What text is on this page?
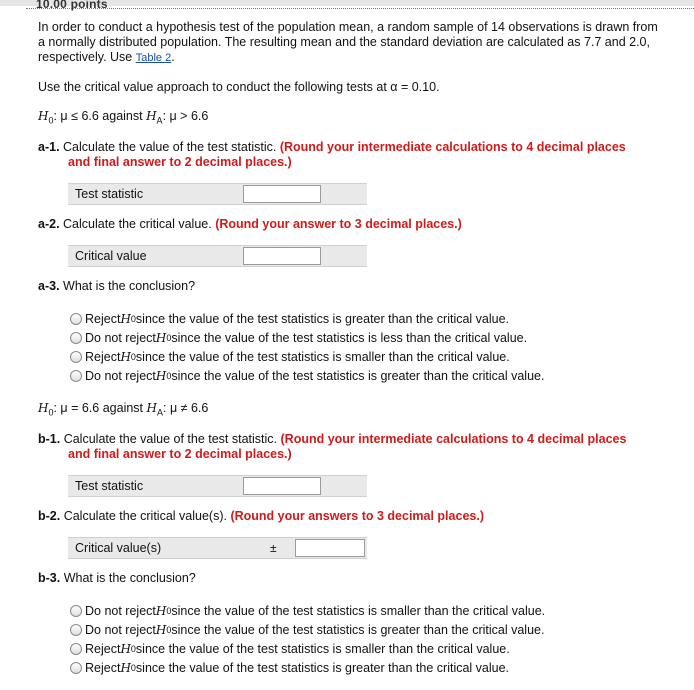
10.00 points

In order to conduct a hypothesis test of the population mean, a random sample of 14 observations is drawn from a normally distributed population. The resulting mean and the standard deviation are calculated as 7.7 and 2.0, respectively. Use Table 2.

Use the critical value approach to conduct the following tests at α = 0.10.

$H_0$: μ ≤ 6.6 against $H_A$: μ > 6.6

a-1. Calculate the value of the test statistic. (Round your intermediate calculations to 4 decimal places
and final answer to 2 decimal places.)

Test statistic

a-2. Calculate the critical value. (Round your answer to 3 decimal places.)

Critical value

a-3. What is the conclusion?

Reject H 0 since the value of the test statistics is greater than the critical value.
Do not reject H 0 since the value of the test statistics is less than the critical value.
Reject H 0 since the value of the test statistics is smaller than the critical value.
Do not reject H 0 since the value of the test statistics is greater than the critical value.

$H_0$: μ = 6.6 against $H_A$: μ ≠ 6.6

b-1. Calculate the value of the test statistic. (Round your intermediate calculations to 4 decimal places
and final answer to 2 decimal places.)

Test statistic

b-2. Calculate the critical value(s). (Round your answers to 3 decimal places.)

Critical value(s)	±

b-3. What is the conclusion?

Do not reject H 0 since the value of the test statistics is smaller than the critical value.
Do not reject H 0 since the value of the test statistics is greater than the critical value.
Reject H 0 since the value of the test statistics is smaller than the critical value.
Reject H 0 since the value of the test statistics is greater than the critical value.
